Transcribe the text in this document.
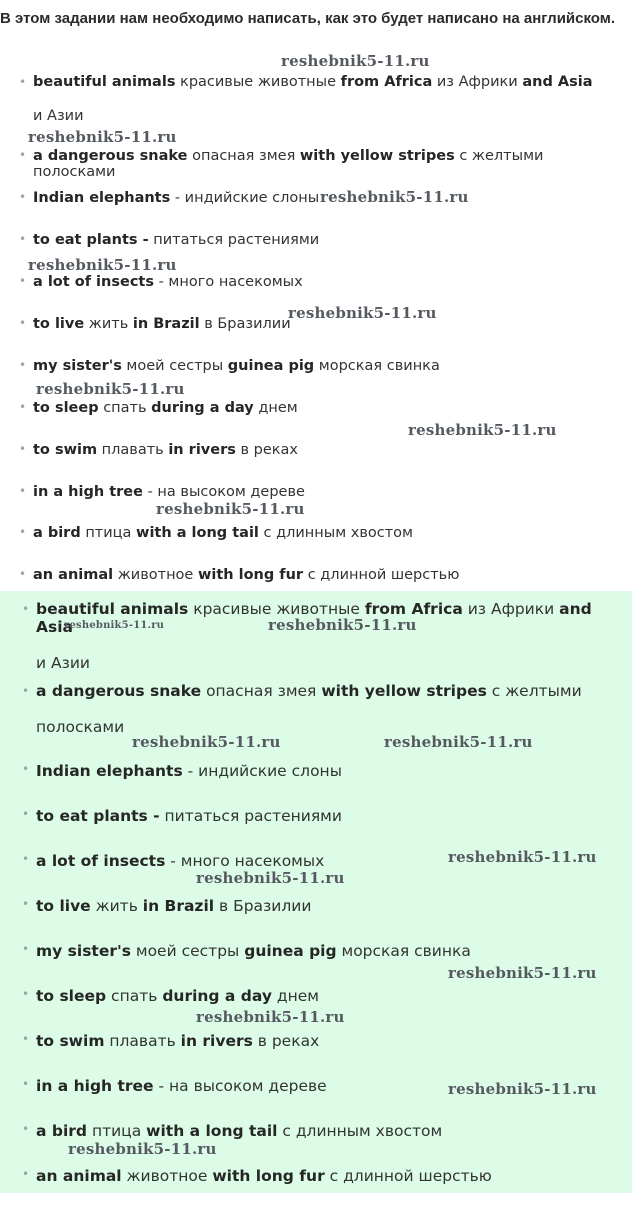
В этом задании нам необходимо написать, как это будет написано на английском.
• beautiful animals красивые животные from Africa из Африки and Asiaи Азии
• a dangerous snake опасная змея with yellow stripes с желтыми полосками
• Indian elephants - индийские слоны
• to eat plants - питаться растениями
• a lot of insects - много насекомых
• to live жить in Brazil в Бразилии
• my sister's моей сестры guinea pig морская свинка
• to sleep спать during a day днем
• to swim плавать in rivers в реках
• in a high tree - на высоком дереве
• a bird птица with a long tail с длинным хвостом
• an animal животное with long fur с длинной шерстью
• beautiful animals красивые животные from Africa из Африки and Asia
и Азии
• a dangerous snake опасная змея with yellow stripes с желтыми
полосками
• Indian elephants - индийские слоны
• to eat plants - питаться растениями
• a lot of insects - много насекомых
• to live жить in Brazil в Бразилии
• my sister's моей сестры guinea pig морская свинка
• to sleep спать during a day днем
• to swim плавать in rivers в реках
• in a high tree - на высоком дереве
• a bird птица with a long tail с длинным хвостом
• an animal животное with long fur с длинной шерстью
reshebnik5-11.ru
reshebnik5-11.ru
reshebnik5-11.ru
reshebnik5-11.ru
reshebnik5-11.ru
reshebnik5-11.ru
reshebnik5-11.ru
reshebnik5-11.ru
reshebnik5-11.ru	reshebnik5-11.ru
reshebnik5-11.ru	reshebnik5-11.ru
reshebnik5-11.ru
reshebnik5-11.ru
reshebnik5-11.ru
reshebnik5-11.ru
reshebnik5-11.ru
reshebnik5-11.ru
